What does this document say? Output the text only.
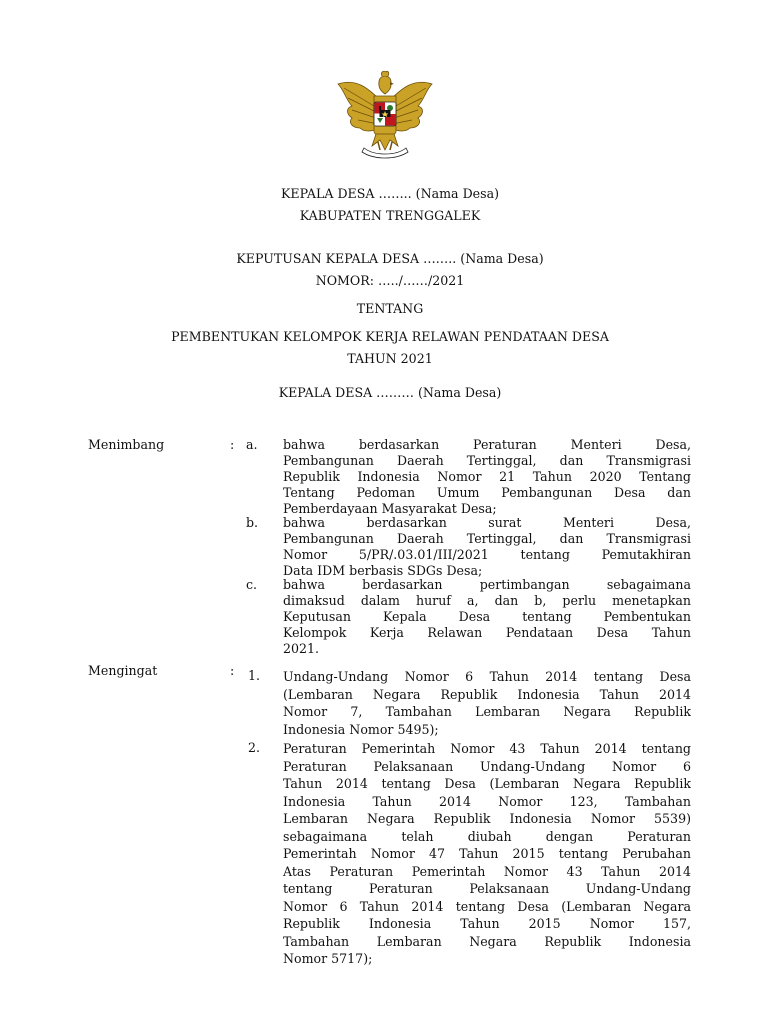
KEPALA DESA …….. (Nama Desa)
KABUPATEN TRENGGALEK
KEPUTUSAN KEPALA DESA …….. (Nama Desa)
NOMOR: …../……/2021
TENTANG
PEMBENTUKAN KELOMPOK KERJA RELAWAN PENDATAAN DESA
TAHUN 2021
KEPALA DESA ……… (Nama Desa)
Menimbang	: a. bahwa berdasarkan Peraturan Menteri Desa,
Pembangunan Daerah Tertinggal, dan Transmigrasi
Republik Indonesia Nomor 21 Tahun 2020 Tentang
Tentang Pedoman Umum Pembangunan Desa dan
Pemberdayaan Masyarakat Desa;
b. bahwa berdasarkan surat Menteri Desa,
Pembangunan Daerah Tertinggal, dan Transmigrasi
Nomor 5/PR/.03.01/III/2021 tentang Pemutakhiran
Data IDM berbasis SDGs Desa;
c. bahwa berdasarkan pertimbangan sebagaimana
dimaksud dalam huruf a, dan b, perlu menetapkan
Keputusan Kepala Desa tentang Pembentukan
Kelompok Kerja Relawan Pendataan Desa Tahun
2021.
Mengingat	: 1. Undang-Undang Nomor 6 Tahun 2014 tentang Desa
(Lembaran Negara Republik Indonesia Tahun 2014
Nomor 7, Tambahan Lembaran Negara Republik
Indonesia Nomor 5495);
2. Peraturan Pemerintah Nomor 43 Tahun 2014 tentang
Peraturan Pelaksanaan Undang-Undang Nomor 6
Tahun 2014 tentang Desa (Lembaran Negara Republik
Indonesia Tahun 2014 Nomor 123, Tambahan
Lembaran Negara Republik Indonesia Nomor 5539)
sebagaimana telah diubah dengan Peraturan
Pemerintah Nomor 47 Tahun 2015 tentang Perubahan
Atas Peraturan Pemerintah Nomor 43 Tahun 2014
tentang Peraturan Pelaksanaan Undang-Undang
Nomor 6 Tahun 2014 tentang Desa (Lembaran Negara
Republik Indonesia Tahun 2015 Nomor 157,
Tambahan Lembaran Negara Republik Indonesia
Nomor 5717);
